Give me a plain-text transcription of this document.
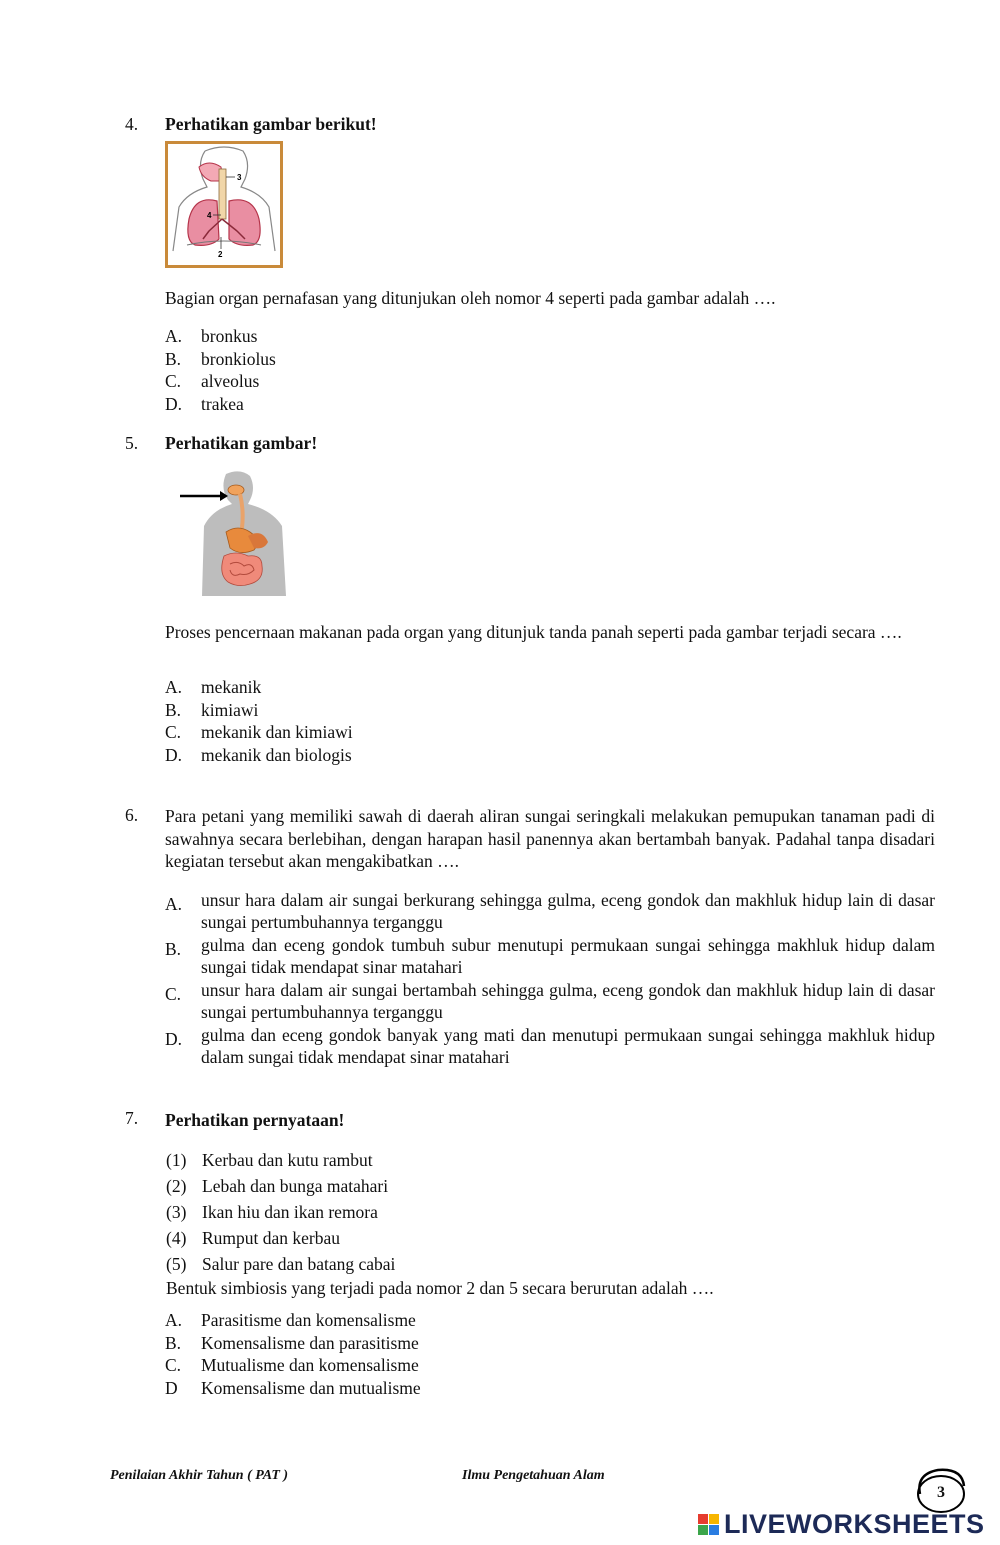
4. Perhatikan gambar berikut!
3
4
2
Bagian organ pernafasan yang ditunjukan oleh nomor 4 seperti pada gambar adalah ….
A. bronkus
B. bronkiolus
C. alveolus
D. trakea
5. Perhatikan gambar!
Proses pencernaan makanan pada organ yang ditunjuk tanda panah seperti pada gambar terjadi secara ….
A. mekanik
B. kimiawi
C. mekanik dan kimiawi
D. mekanik dan biologis
6. Para petani yang memiliki sawah di daerah aliran sungai seringkali melakukan pemupukan tanaman padi di sawahnya secara berlebihan, dengan harapan hasil panennya akan bertambah banyak. Padahal tanpa disadari kegiatan tersebut akan mengakibatkan ….
A. unsur hara dalam air sungai berkurang sehingga gulma, eceng gondok dan makhluk hidup lain di dasar sungai pertumbuhannya terganggu
B. gulma dan eceng gondok tumbuh subur menutupi permukaan sungai sehingga makhluk hidup dalam sungai tidak mendapat sinar matahari
C. unsur hara dalam air sungai bertambah sehingga gulma, eceng gondok dan makhluk hidup lain di dasar sungai pertumbuhannya terganggu
D. gulma dan eceng gondok banyak yang mati dan menutupi permukaan sungai sehingga makhluk hidup dalam sungai tidak mendapat sinar matahari
7. Perhatikan pernyataan!
(1) Kerbau dan kutu rambut
(2) Lebah dan bunga matahari
(3) Ikan hiu dan ikan remora
(4) Rumput dan kerbau
(5) Salur pare dan batang cabai
Bentuk simbiosis yang terjadi pada nomor 2 dan 5 secara berurutan adalah ….
A. Parasitisme dan komensalisme
B. Komensalisme dan parasitisme
C. Mutualisme dan komensalisme
D Komensalisme dan mutualisme
Penilaian Akhir Tahun ( PAT )	Ilmu Pengetahuan Alam
3
LIVEWORKSHEETS
